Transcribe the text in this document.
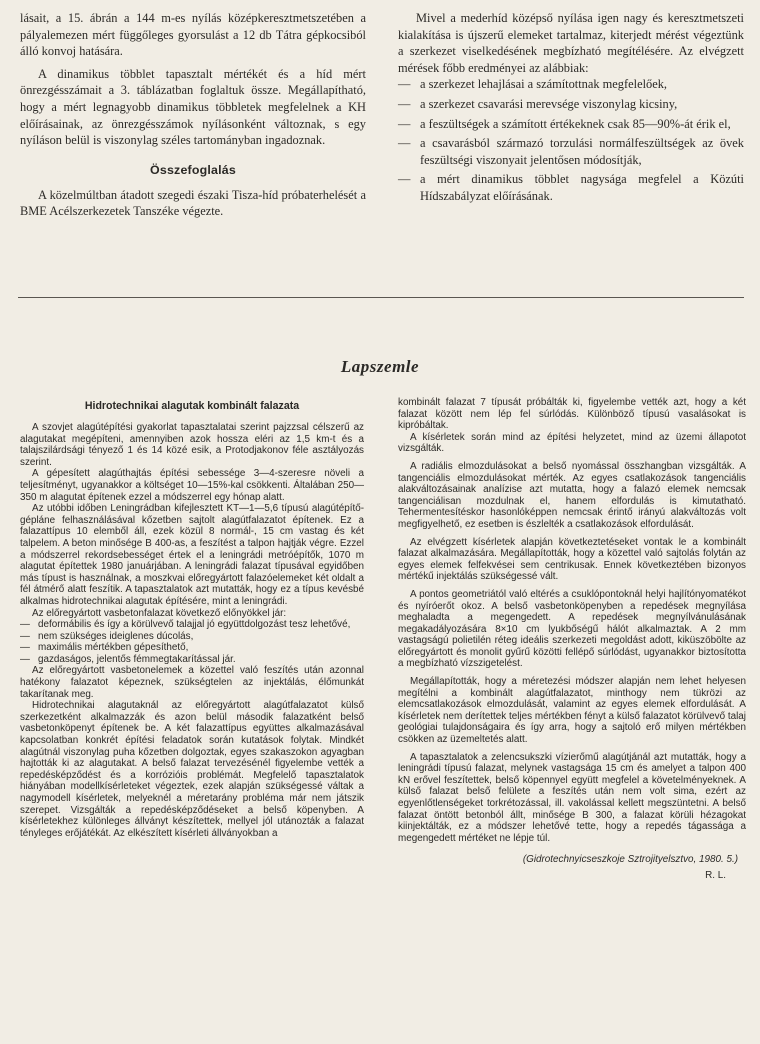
lásait, a 15. ábrán a 144 m-es nyílás középkeresztmetszetében a pályalemezen mért függőleges gyorsulást a 12 db Tátra gépkocsiból álló konvoj hatására.

A dinamikus többlet tapasztalt mértékét és a híd mért önrezgésszámait a 3. táblázatban foglaltuk össze. Megállapítható, hogy a mért legnagyobb dinamikus többletek megfelelnek a KH előírásainak, az önrezgésszámok nyílásonként változnak, s egy nyíláson belül is viszonylag széles tartományban ingadoznak.

Összefoglalás

A közelmúltban átadott szegedi északi Tisza-híd próbaterhelését a BME Acélszerkezetek Tanszéke végezte.

Mivel a mederhíd középső nyílása igen nagy és keresztmetszeti kialakítása is újszerű elemeket tartalmaz, kiterjedt mérést végeztünk a szerkezet viselkedésének megbízható megítélésére. Az elvégzett mérések főbb eredményei az alábbiak:

— a szerkezet lehajlásai a számítottnak megfelelőek,
— a szerkezet csavarási merevsége viszonylag kicsiny,
— a feszültségek a számított értékeknek csak 85—90%-át érik el,
— a csavarásból származó torzulási normálfeszültségek az övek feszültségi viszonyait jelentősen módosítják,
— a mért dinamikus többlet nagysága megfelel a Közúti Hídszabályzat előírásának.
Lapszemle
Hidrotechnikai alagutak kombinált falazata

A szovjet alagútépítési gyakorlat tapasztalatai szerint pajzzsal célszerű az alagutakat megépíteni, amennyiben azok hossza eléri az 1,5 km-t és a talajszilárdsági tényező 1 és 14 közé esik, a Protodjakonov féle asztályozás szerint.

A gépesített alagúthajtás építési sebessége 3—4-szeresre növeli a teljesítményt, ugyanakkor a költséget 10—15%-kal csökkenti. Általában 250—350 m alagutat építenek ezzel a módszerrel egy hónap alatt.

Az utóbbi időben Leningrádban kifejlesztett KT—1—5,6 típusú alagútépítő-gépláne felhasználásával kőzetben sajtolt alagútfalazatot építenek. Ez a falazattípus 10 elemből áll, ezek közül 8 normál-, 15 cm vastag és két talpelem. A beton minősége B 400-as, a feszítést a talpon hajtják végre. Ezzel a módszerrel rekordsebességet értek el a leningrádi metróépítők, 1070 m alagutat építettek 1980 januárjában. A leningrádi falazat típusával egyidőben más típust is használnak, a moszkvai előregyártott falazóelemeket két oldalt a fél átmérő alatt feszítik. A tapasztalatok azt mutatták, hogy ez a típus kevésbé alkalmas hidrotechnikai alagutak építésére, mint a leningrádi.

Az előregyártott vasbetonfalazat következő előnyökkel jár:

— deformábilis és így a körülvevő talajjal jó együttdolgozást tesz lehetővé,
— nem szükséges ideiglenes dúcolás,
— maximális mértékben gépesíthető,
— gazdaságos, jelentős fémmegtakarítással jár.

Az előregyártott vasbetonelemek a közettel való feszítés után azonnal hatékony falazatot képeznek, szükségtelen az injektálás, élőmunkát takarítanak meg.

Hidrotechnikai alagutaknál az előregyártott alagútfalazatot külső szerkezetként alkalmazzák és azon belül második falazatként belső vasbetonköpenyt építenek be. A két falazattípus együttes alkalmazásával kapcsolatban konkrét építési feladatok során kutatások folytak. Mindkét alagútnál viszonylag puha kőzetben dolgoztak, egyes szakaszokon agyagban hajtották ki az alagutakat. A belső falazat tervezésénél figyelembe vették a repedésképződést és a korrózióis problémát. Megfelelő tapasztalatok hiányában modellkísérleteket végeztek, ezek alapján szükségessé váltak a nagymodell kísérletek, melyeknél a méretarány probléma már nem játszik szerepet. Vizsgálták a repedésképződéseket a belső köpenyben. A kísérletekhez különleges állványt készítettek, mellyel jól utánozták a falazat tényleges erőjátékát. Az elkészített kísérleti állványokban a

kombinált falazat 7 típusát próbálták ki, figyelembe vették azt, hogy a két falazat között nem lép fel súrlódás. Különböző típusú vasalásokat is kipróbáltak.

A kísérletek során mind az építési helyzetet, mind az üzemi állapotot vizsgálták.

A radiális elmozdulásokat a belső nyomással összhangban vizsgálták. A tangenciális elmozdulásokat mérték. Az egyes csatlakozások tangenciális alakváltozásainak analízise azt mutatta, hogy a falazó elemek nemcsak tangenciálisan mozdulnak el, hanem elfordulás is kimutatható. Tehermentesítéskor hasonlóképpen nemcsak érintő irányú alakváltozás volt megfigyelhető, ez esetben is észlelték a csatlakozások elfordulását.

Az elvégzett kísérletek alapján következtetéseket vontak le a kombinált falazat alkalmazására. Megállapították, hogy a közettel való sajtolás folytán az egyes elemek felfekvései sem centrikusak. Ennek következtében bizonyos mértékű injektálás szükségessé vált.

A pontos geometriától való eltérés a csuklópontoknál helyi hajlítónyomatékot és nyíróerőt okoz. A belső vasbetonköpenyben a repedések megnyílása meghaladta a megengedett. A repedések megnyílvánulásának megakadályozására 8×10 cm lyukbőségű hálót alkalmaztak. A 2 mm vastagságú polietilén réteg ideális szerkezeti megoldást adott, kiküszöbölte az előregyártott és monolit gyűrű közötti fellépő súrlódást, ugyanakkor biztosította a megbízható vízszigetelést.

Megállapították, hogy a méretezési módszer alapján nem lehet helyesen megítélni a kombinált alagútfalazatot, minthogy nem tükrözi az elemcsatlakozások elmozdulását, valamint az egyes elemek elfordulását. A kísérletek nem derítettek teljes mértékben fényt a külső falazatot körülvevő talaj geológiai tulajdonságaira és így arra, hogy a sajtoló erő milyen mértékben csökken az üzemeltetés alatt.

A tapasztalatok a zelencsukszki vízierőmű alagútjánál azt mutatták, hogy a leningrádi típusú falazat, melynek vastagsága 15 cm és amelyet a talpon 400 kN erővel feszítettek, belső köpennyel együtt megfelel a követelményeknek. A külső falazat belső felülete a feszítés után nem volt sima, ezért az egyenlőtlenségeket torkrétozással, ill. vakolással kellett megszüntetni. A belső falazat öntött betonból állt, minősége B 300, a falazat körüli hézagokat kiinjektálták, ez a módszer lehetővé tette, hogy a repedés tágassága a megengedett mértéket ne lépje túl.

(Gidrotechnyicseszkoje Sztrojityelsztvo, 1980. 5.)
R. L.
